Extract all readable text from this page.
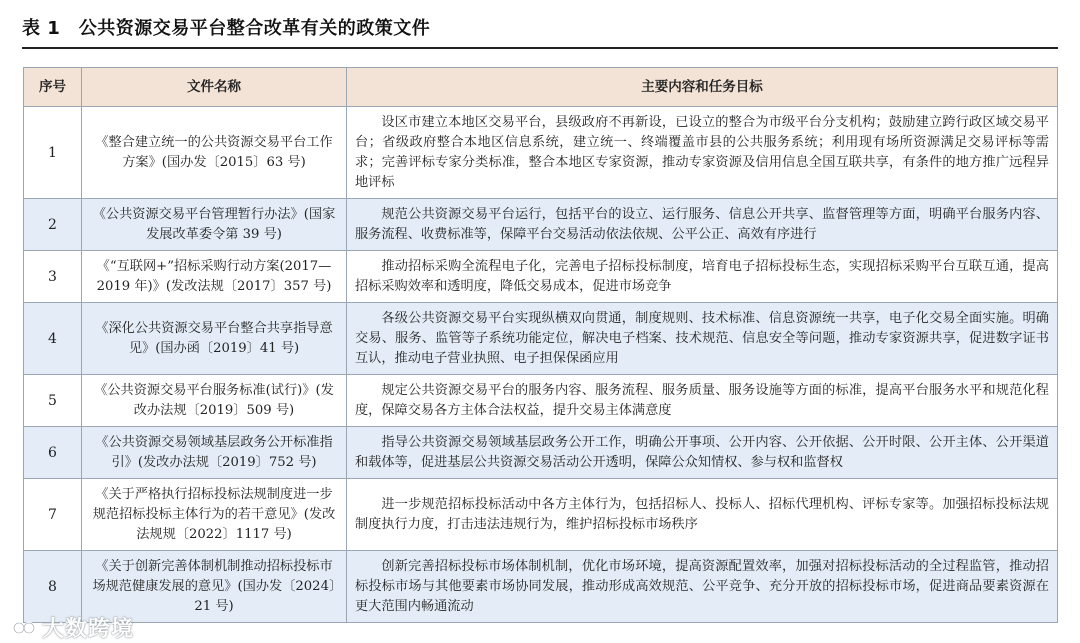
表 1　公共资源交易平台整合改革有关的政策文件
序号	文件名称	主要内容和任务目标
1	《整合建立统一的公共资源交易平台工作方案》(国办发〔2015〕63 号)	设区市建立本地区交易平台，县级政府不再新设，已设立的整合为市级平台分支机构；鼓励建立跨行政区域交易平台；省级政府整合本地区信息系统，建立统一、终端覆盖市县的公共服务系统；利用现有场所资源满足交易评标等需求；完善评标专家分类标准，整合本地区专家资源，推动专家资源及信用信息全国互联共享，有条件的地方推广远程异地评标
2	《公共资源交易平台管理暂行办法》(国家发展改革委令第 39 号)	规范公共资源交易平台运行，包括平台的设立、运行服务、信息公开共享、监督管理等方面，明确平台服务内容、服务流程、收费标准等，保障平台交易活动依法依规、公平公正、高效有序进行
3	《“互联网+”招标采购行动方案(2017—2019 年)》(发改法规〔2017〕357 号)	推动招标采购全流程电子化，完善电子招标投标制度，培育电子招标投标生态，实现招标采购平台互联互通，提高招标采购效率和透明度，降低交易成本，促进市场竞争
4	《深化公共资源交易平台整合共享指导意见》(国办函〔2019〕41 号)	各级公共资源交易平台实现纵横双向贯通，制度规则、技术标准、信息资源统一共享，电子化交易全面实施。明确交易、服务、监管等子系统功能定位，解决电子档案、技术规范、信息安全等问题，推动专家资源共享，促进数字证书互认，推动电子营业执照、电子担保保函应用
5	《公共资源交易平台服务标准(试行)》(发改办法规〔2019〕509 号)	规定公共资源交易平台的服务内容、服务流程、服务质量、服务设施等方面的标准，提高平台服务水平和规范化程度，保障交易各方主体合法权益，提升交易主体满意度
6	《公共资源交易领域基层政务公开标准指引》(发改办法规〔2019〕752 号)	指导公共资源交易领域基层政务公开工作，明确公开事项、公开内容、公开依据、公开时限、公开主体、公开渠道和载体等，促进基层公共资源交易活动公开透明，保障公众知情权、参与权和监督权
7	《关于严格执行招标投标法规制度进一步规范招标投标主体行为的若干意见》(发改法规规〔2022〕1117 号)	进一步规范招标投标活动中各方主体行为，包括招标人、投标人、招标代理机构、评标专家等。加强招标投标法规制度执行力度，打击违法违规行为，维护招标投标市场秩序
8	《关于创新完善体制机制推动招标投标市场规范健康发展的意见》(国办发〔2024〕21 号)	创新完善招标投标市场体制机制，优化市场环境，提高资源配置效率，加强对招标投标活动的全过程监管，推动招标投标市场与其他要素市场协同发展，推动形成高效规范、公平竞争、充分开放的招标投标市场，促进商品要素资源在更大范围内畅通流动
大数跨境
